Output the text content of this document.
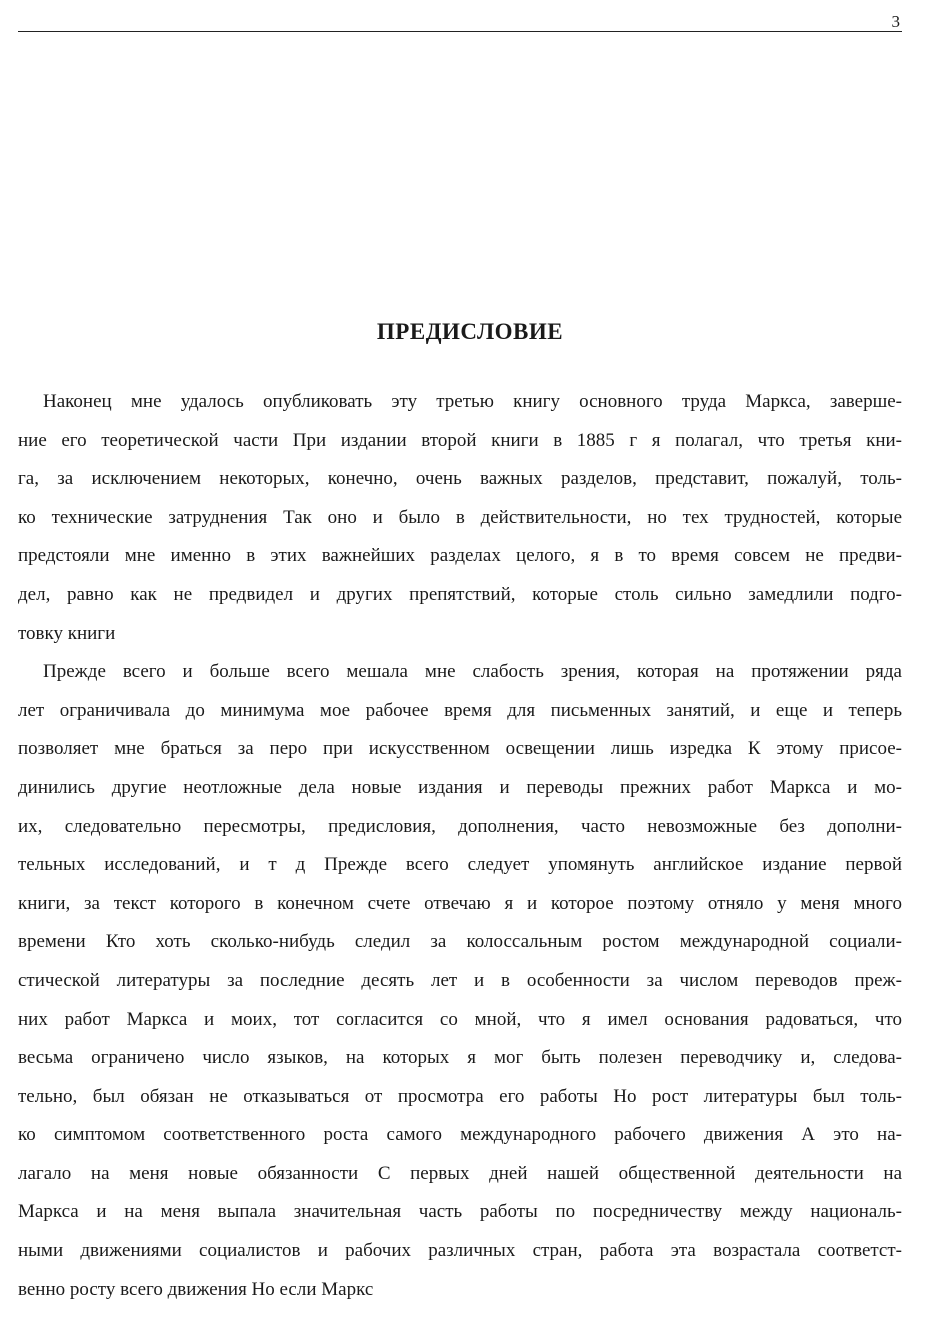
3
ПРЕДИСЛОВИЕ
Наконец мне удалось опубликовать эту третью книгу основного труда Маркса, заверше-
ние его теоретической части При издании второй книги в 1885 г я полагал, что третья кни-
га, за исключением некоторых, конечно, очень важных разделов, представит, пожалуй, толь-
ко технические затруднения Так оно и было в действительности, но тех трудностей, которые
предстояли мне именно в этих важнейших разделах целого, я в то время совсем не предви-
дел, равно как не предвидел и других препятствий, которые столь сильно замедлили подго-
товку книги
Прежде всего и больше всего мешала мне слабость зрения, которая на протяжении ряда
лет ограничивала до минимума мое рабочее время для письменных занятий, и еще и теперь
позволяет мне браться за перо при искусственном освещении лишь изредка К этому присое-
динились другие неотложные дела новые издания и переводы прежних работ Маркса и мо-
их, следовательно пересмотры, предисловия, дополнения, часто невозможные без дополни-
тельных исследований, и т д Прежде всего следует упомянуть английское издание первой
книги, за текст которого в конечном счете отвечаю я и которое поэтому отняло у меня много
времени Кто хоть сколько-нибудь следил за колоссальным ростом международной социали-
стической литературы за последние десять лет и в особенности за числом переводов преж-
них работ Маркса и моих, тот согласится со мной, что я имел основания радоваться, что
весьма ограничено число языков, на которых я мог быть полезен переводчику и, следова-
тельно, был обязан не отказываться от просмотра его работы Но рост литературы был толь-
ко симптомом соответственного роста самого международного рабочего движения А это на-
лагало на меня новые обязанности С первых дней нашей общественной деятельности на
Маркса и на меня выпала значительная часть работы по посредничеству между националь-
ными движениями социалистов и рабочих различных стран, работа эта возрастала соответст-
венно росту всего движения Но если Маркс
